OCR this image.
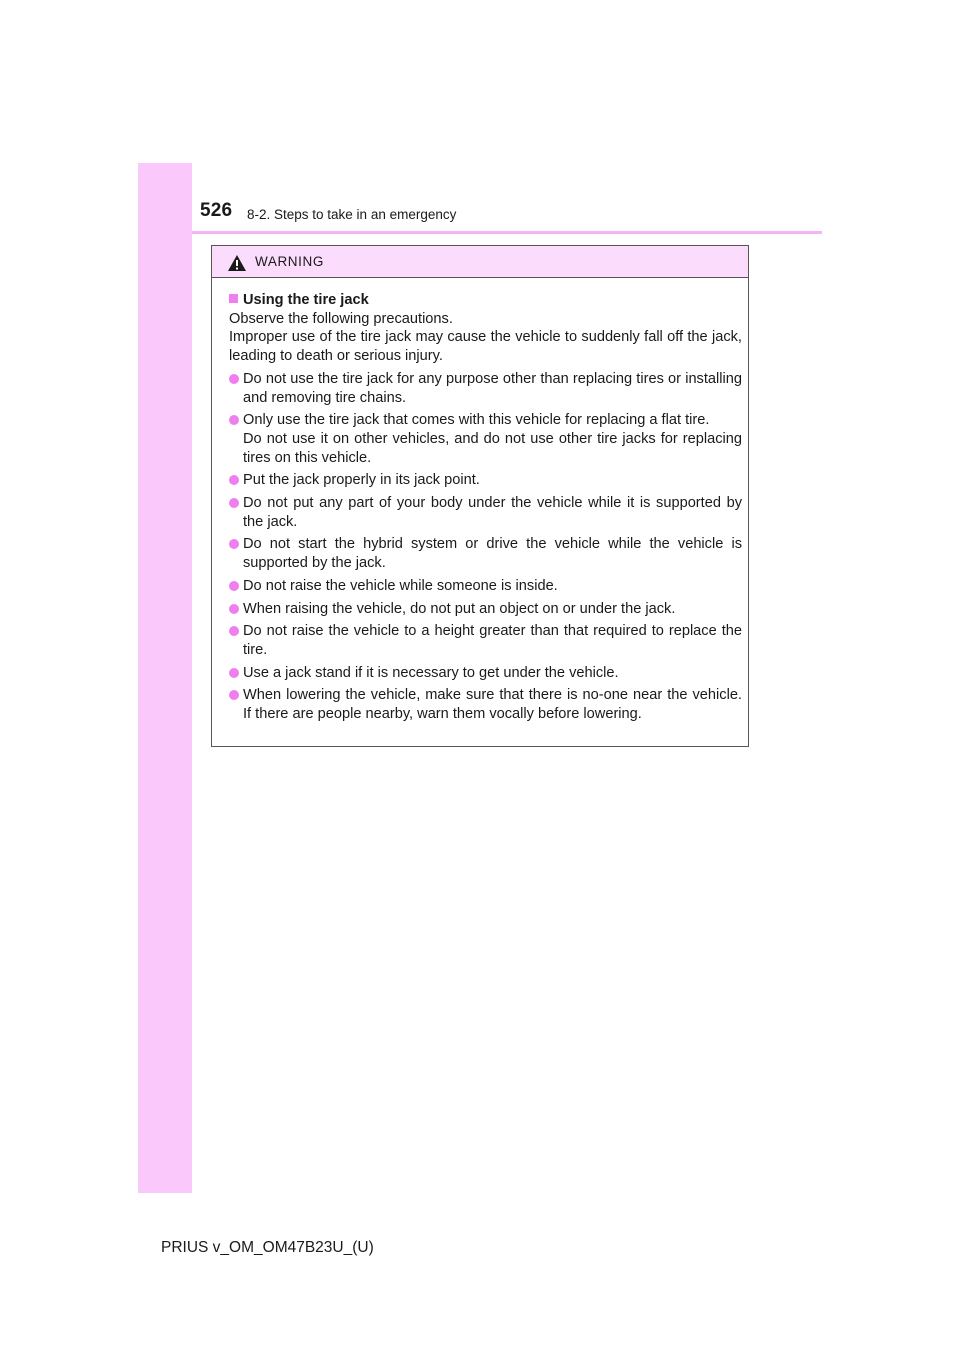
526 8-2. Steps to take in an emergency
WARNING
Using the tire jack

Observe the following precautions.

Improper use of the tire jack may cause the vehicle to suddenly fall off the jack, leading to death or serious injury.

Do not use the tire jack for any purpose other than replacing tires or installing and removing tire chains.
Only use the tire jack that comes with this vehicle for replacing a flat tire.
Do not use it on other vehicles, and do not use other tire jacks for replacing tires on this vehicle.
Put the jack properly in its jack point.
Do not put any part of your body under the vehicle while it is supported by the jack.
Do not start the hybrid system or drive the vehicle while the vehicle is supported by the jack.
Do not raise the vehicle while someone is inside.
When raising the vehicle, do not put an object on or under the jack.
Do not raise the vehicle to a height greater than that required to replace the tire.
Use a jack stand if it is necessary to get under the vehicle.
When lowering the vehicle, make sure that there is no-one near the vehicle. If there are people nearby, warn them vocally before lowering.
PRIUS v_OM_OM47B23U_(U)
